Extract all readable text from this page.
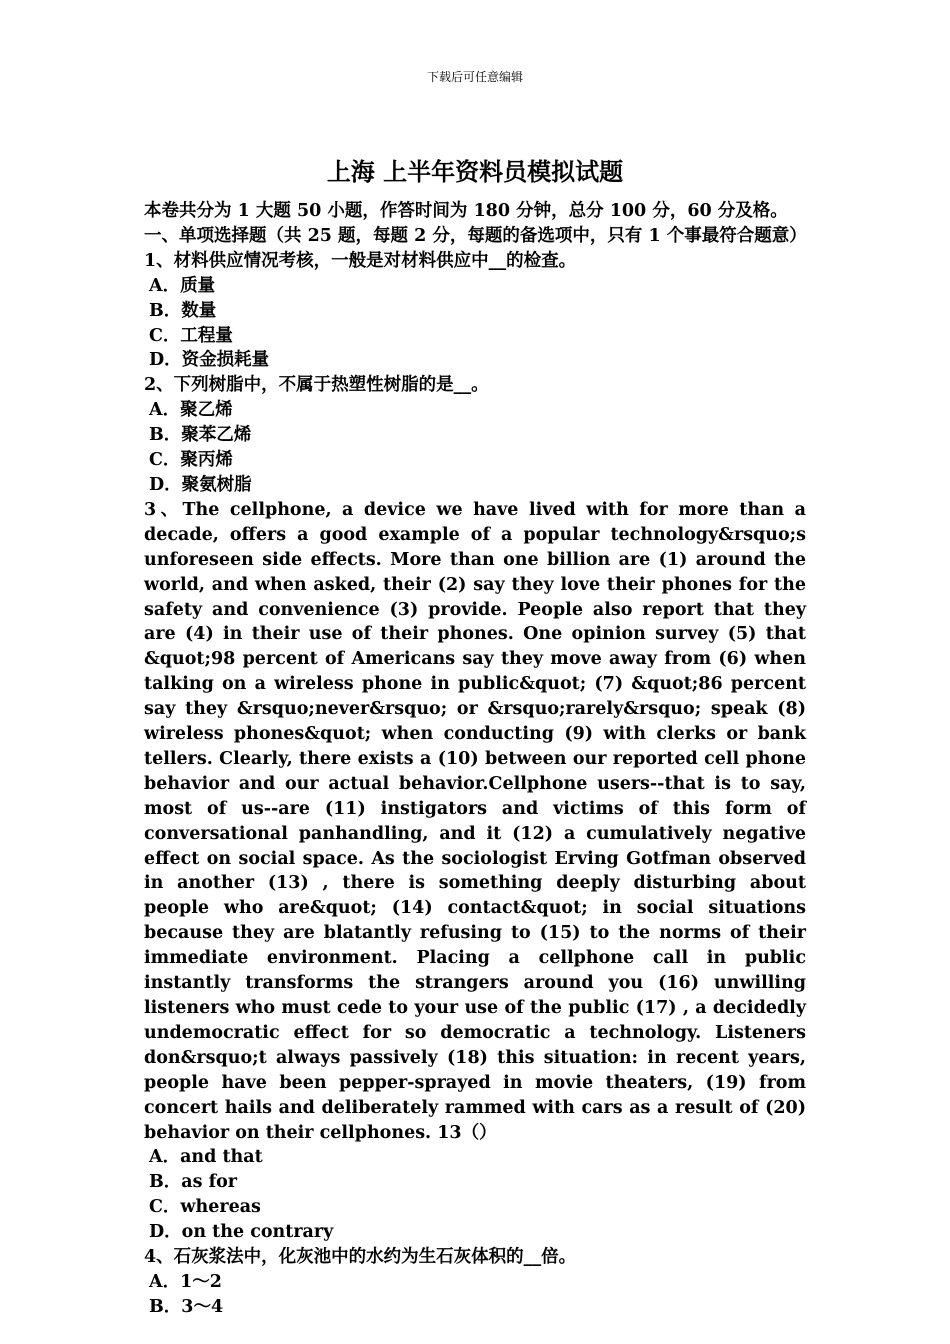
下载后可任意编辑
上海 上半年资料员模拟试题

本卷共分为 1 大题 50 小题，作答时间为 180 分钟，总分 100 分，60 分及格。

一、单项选择题（共 25 题，每题 2 分，每题的备选项中，只有 1 个事最符合题意）

1、材料供应情况考核，一般是对材料供应中__的检查。

A．质量

B．数量

C．工程量

D．资金损耗量

2、下列树脂中，不属于热塑性树脂的是__。

A．聚乙烯

B．聚苯乙烯

C．聚丙烯

D．聚氨树脂

3、The cellphone, a device we have lived with for more than a decade, offers a good example of a popular technology&rsquo;s unforeseen side effects. More than one billion are (1) around the world, and when asked, their (2) say they love their phones for the safety and convenience (3) provide. People also report that they are (4) in their use of their phones. One opinion survey (5) that &quot;98 percent of Americans say they move away from (6) when talking on a wireless phone in public&quot; (7) &quot;86 percent say they &rsquo;never&rsquo; or &rsquo;rarely&rsquo; speak (8) wireless phones&quot; when conducting (9) with clerks or bank tellers. Clearly, there exists a (10) between our reported cell phone behavior and our actual behavior.Cellphone users--that is to say, most of us--are (11) instigators and victims of this form of conversational panhandling, and it (12) a cumulatively negative effect on social space. As the sociologist Erving Gotfman observed in another (13) , there is something deeply disturbing about people who are&quot; (14) contact&quot; in social situations because they are blatantly refusing to (15) to the norms of their immediate environment. Placing a cellphone call in public instantly transforms the strangers around you (16) unwilling listeners who must cede to your use of the public (17) , a decidedly undemocratic effect for so democratic a technology. Listeners don&rsquo;t always passively (18) this situation: in recent years, people have been pepper-sprayed in movie theaters, (19) from concert hails and deliberately rammed with cars as a result of (20) behavior on their cellphones. 13（）

A．and that

B．as for

C．whereas

D．on the contrary

4、石灰浆法中，化灰池中的水约为生石灰体积的__倍。

A．1～2

B．3～4
